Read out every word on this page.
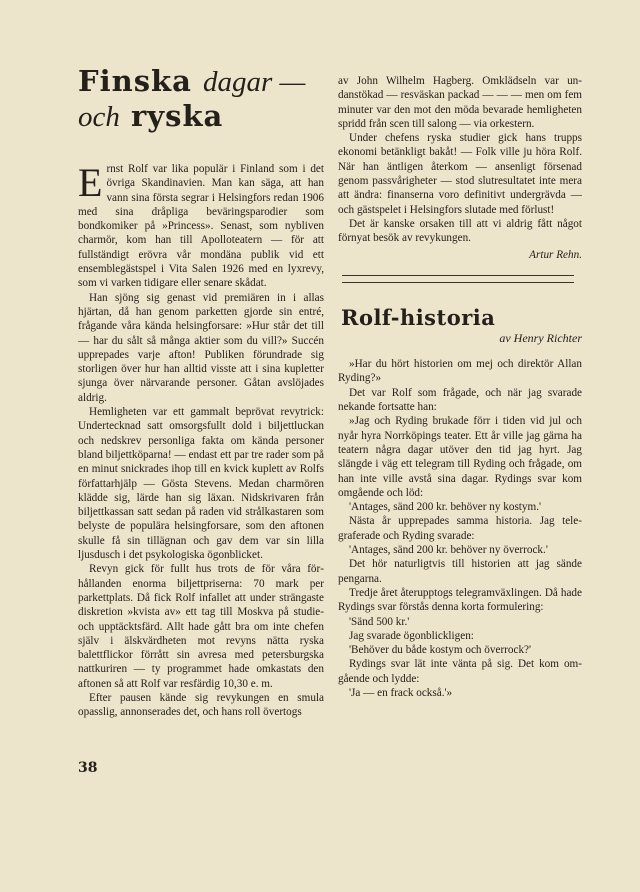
Finska dagar —
och ryska

Ernst Rolf var lika populär i Finland som i det övriga Skandinavien. Man kan säga, att han vann sina första segrar i Helsingfors redan 1906 med sina dråpliga beväringsparodier som bondkomiker på »Princess». Senast, som nybliven charmör, kom han till Apolloteatern — för att fullständigt erövra vår mondäna publik vid ett ensemblegästspel i Vita Salen 1926 med en lyxrevy, som vi varken tidigare eller senare skådat.

Han sjöng sig genast vid premiären in i allas hjärtan, då han genom parketten gjorde sin entré, frågande våra kända helsingforsare: »Hur står det till — har du sålt så många aktier som du vill?» Succén upprepades varje afton! Publiken förundrade sig storligen över hur han alltid visste att i sina kupletter sjunga över närvarande personer. Gåtan avslöjades aldrig.

Hemligheten var ett gammalt beprövat revytrick: Undertecknad satt omsorgsfullt dold i biljettluckan och nedskrev personliga fakta om kända personer bland biljettköparna! — endast ett par tre rader som på en minut snickrades ihop till en kvick kuplett av Rolfs författarhjälp — Gösta Stevens. Medan charmören klädde sig, lärde han sig läxan. Nidskrivaren från biljettkassan satt sedan på raden vid strålkastaren som belyste de populära helsingforsare, som den aftonen skulle få sin tillägnan och gav dem var sin lilla ljusdusch i det psykologiska ögonblicket.

Revyn gick för fullt hus trots de för våra förhållanden enorma biljettpriserna: 70 mark per parkettplats. Då fick Rolf infallet att under strängaste diskretion »kvista av» ett tag till Moskva på studie- och upptäcktsfärd. Allt hade gått bra om inte chefen själv i älskvärdheten mot revyns nätta ryska balettflickor förrått sin avresa med petersburgska nattkuriren — ty programmet hade omkastats den aftonen så att Rolf var resfärdig 10,30 e. m.

Efter pausen kände sig revykungen en smula opasslig, annonserades det, och hans roll övertogs

av John Wilhelm Hagberg. Omklädseln var undanstökad — resväskan packad — — — men om fem minuter var den mot den möda bevarade hemligheten spridd från scen till salong — via orkestern.

Under chefens ryska studier gick hans trupps ekonomi betänkligt bakåt! — Folk ville ju höra Rolf. När han äntligen återkom — ansenligt försenad genom passvårigheter — stod slutresultatet inte mera att ändra: finanserna voro definitivt undergrävda — och gästspelet i Helsingfors slutade med förlust!

Det är kanske orsaken till att vi aldrig fått något förnyat besök av revykungen.

Artur Rehn.

Rolf-historia

av Henry Richter

»Har du hört historien om mej och direktör Allan Ryding?»

Det var Rolf som frågade, och när jag svarade nekande fortsatte han:

»Jag och Ryding brukade förr i tiden vid jul och nyår hyra Norrköpings teater. Ett år ville jag gärna ha teatern några dagar utöver den tid jag hyrt. Jag slängde i väg ett telegram till Ryding och frågade, om han inte ville avstå sina dagar. Rydings svar kom omgående och löd:

'Antages, sänd 200 kr. behöver ny kostym.'

Nästa år upprepades samma historia. Jag telegraferade och Ryding svarade:

'Antages, sänd 200 kr. behöver ny överrock.'

Det hör naturligtvis till historien att jag sände pengarna.

Tredje året återupptogs telegramväxlingen. Då hade Rydings svar förstås denna korta formulering:

'Sänd 500 kr.'

Jag svarade ögonblickligen:

'Behöver du både kostym och överrock?'

Rydings svar lät inte vänta på sig. Det kom omgående och lydde:

'Ja — en frack också.'»

38
